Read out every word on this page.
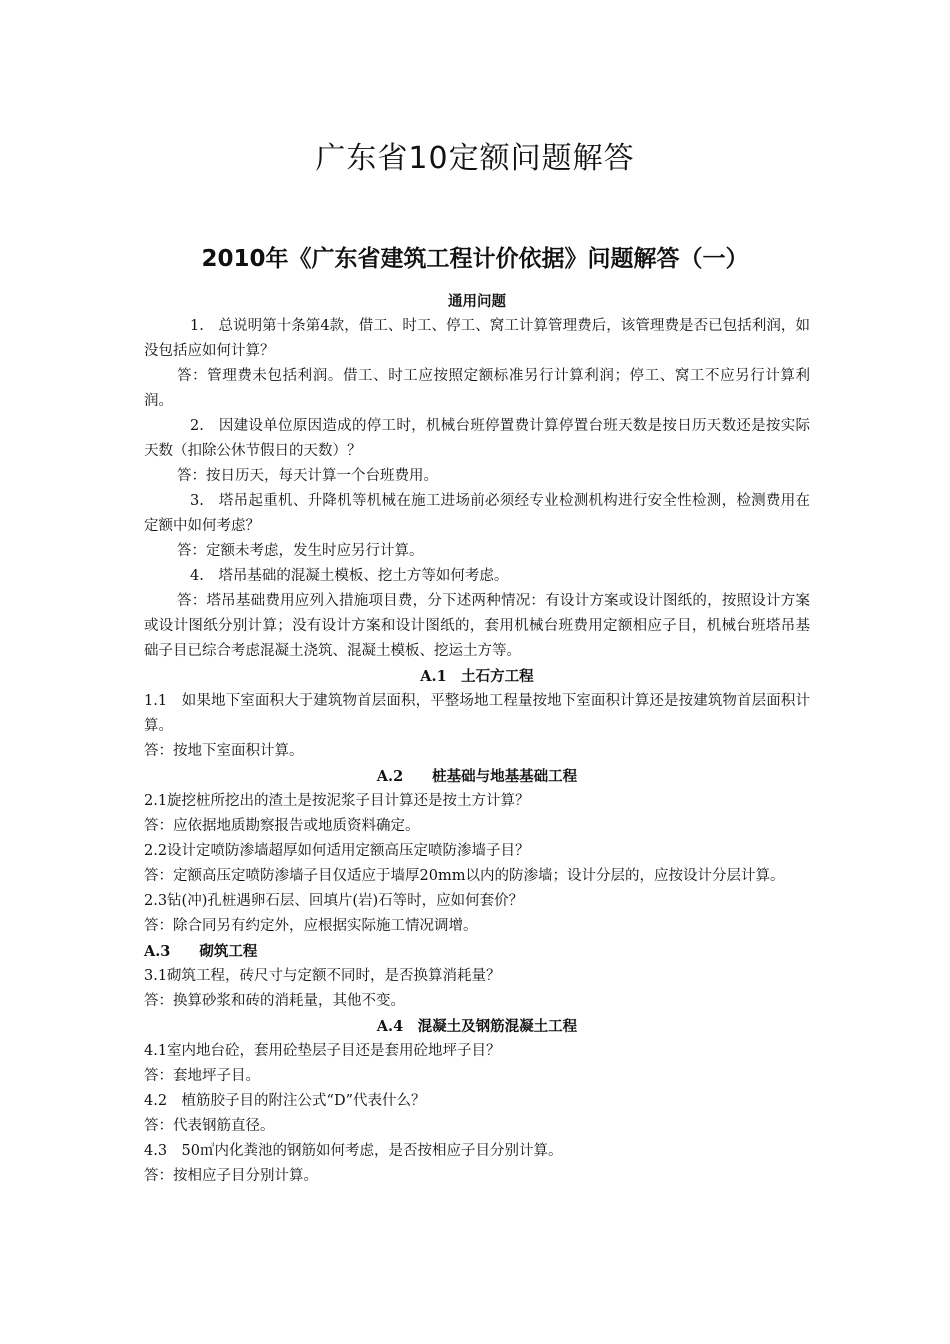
广东省10定额问题解答
2010年《广东省建筑工程计价依据》问题解答（一）

通用问题

1.　总说明第十条第4款，借工、时工、停工、窝工计算管理费后，该管理费是否已包括利润，如没包括应如何计算？

答：管理费未包括利润。借工、时工应按照定额标准另行计算利润；停工、窝工不应另行计算利润。

2.　因建设单位原因造成的停工时，机械台班停置费计算停置台班天数是按日历天数还是按实际天数（扣除公休节假日的天数）？

答：按日历天，每天计算一个台班费用。

3.　塔吊起重机、升降机等机械在施工进场前必须经专业检测机构进行安全性检测，检测费用在定额中如何考虑？

答：定额未考虑，发生时应另行计算。

4.　塔吊基础的混凝土模板、挖土方等如何考虑。

答：塔吊基础费用应列入措施项目费，分下述两种情况：有设计方案或设计图纸的，按照设计方案或设计图纸分别计算；没有设计方案和设计图纸的，套用机械台班费用定额相应子目，机械台班塔吊基础子目已综合考虑混凝土浇筑、混凝土模板、挖运土方等。

A.1　土石方工程

1.1　如果地下室面积大于建筑物首层面积，平整场地工程量按地下室面积计算还是按建筑物首层面积计算。

答：按地下室面积计算。

A.2　　桩基础与地基基础工程

2.1旋挖桩所挖出的渣土是按泥浆子目计算还是按土方计算？

答：应依据地质勘察报告或地质资料确定。

2.2设计定喷防渗墙超厚如何适用定额高压定喷防渗墙子目？

答：定额高压定喷防渗墙子目仅适应于墙厚20mm以内的防渗墙；设计分层的，应按设计分层计算。

2.3钻(冲)孔桩遇卵石层、回填片(岩)石等时，应如何套价？

答：除合同另有约定外，应根据实际施工情况调增。

A.3　　砌筑工程

3.1砌筑工程，砖尺寸与定额不同时，是否换算消耗量？

答：换算砂浆和砖的消耗量，其他不变。

A.4　混凝土及钢筋混凝土工程

4.1室内地台砼，套用砼垫层子目还是套用砼地坪子目？

答：套地坪子目。

4.2　植筋胶子目的附注公式“D”代表什么？

答：代表钢筋直径。

4.3　50㎥内化粪池的钢筋如何考虑，是否按相应子目分别计算。

答：按相应子目分别计算。
